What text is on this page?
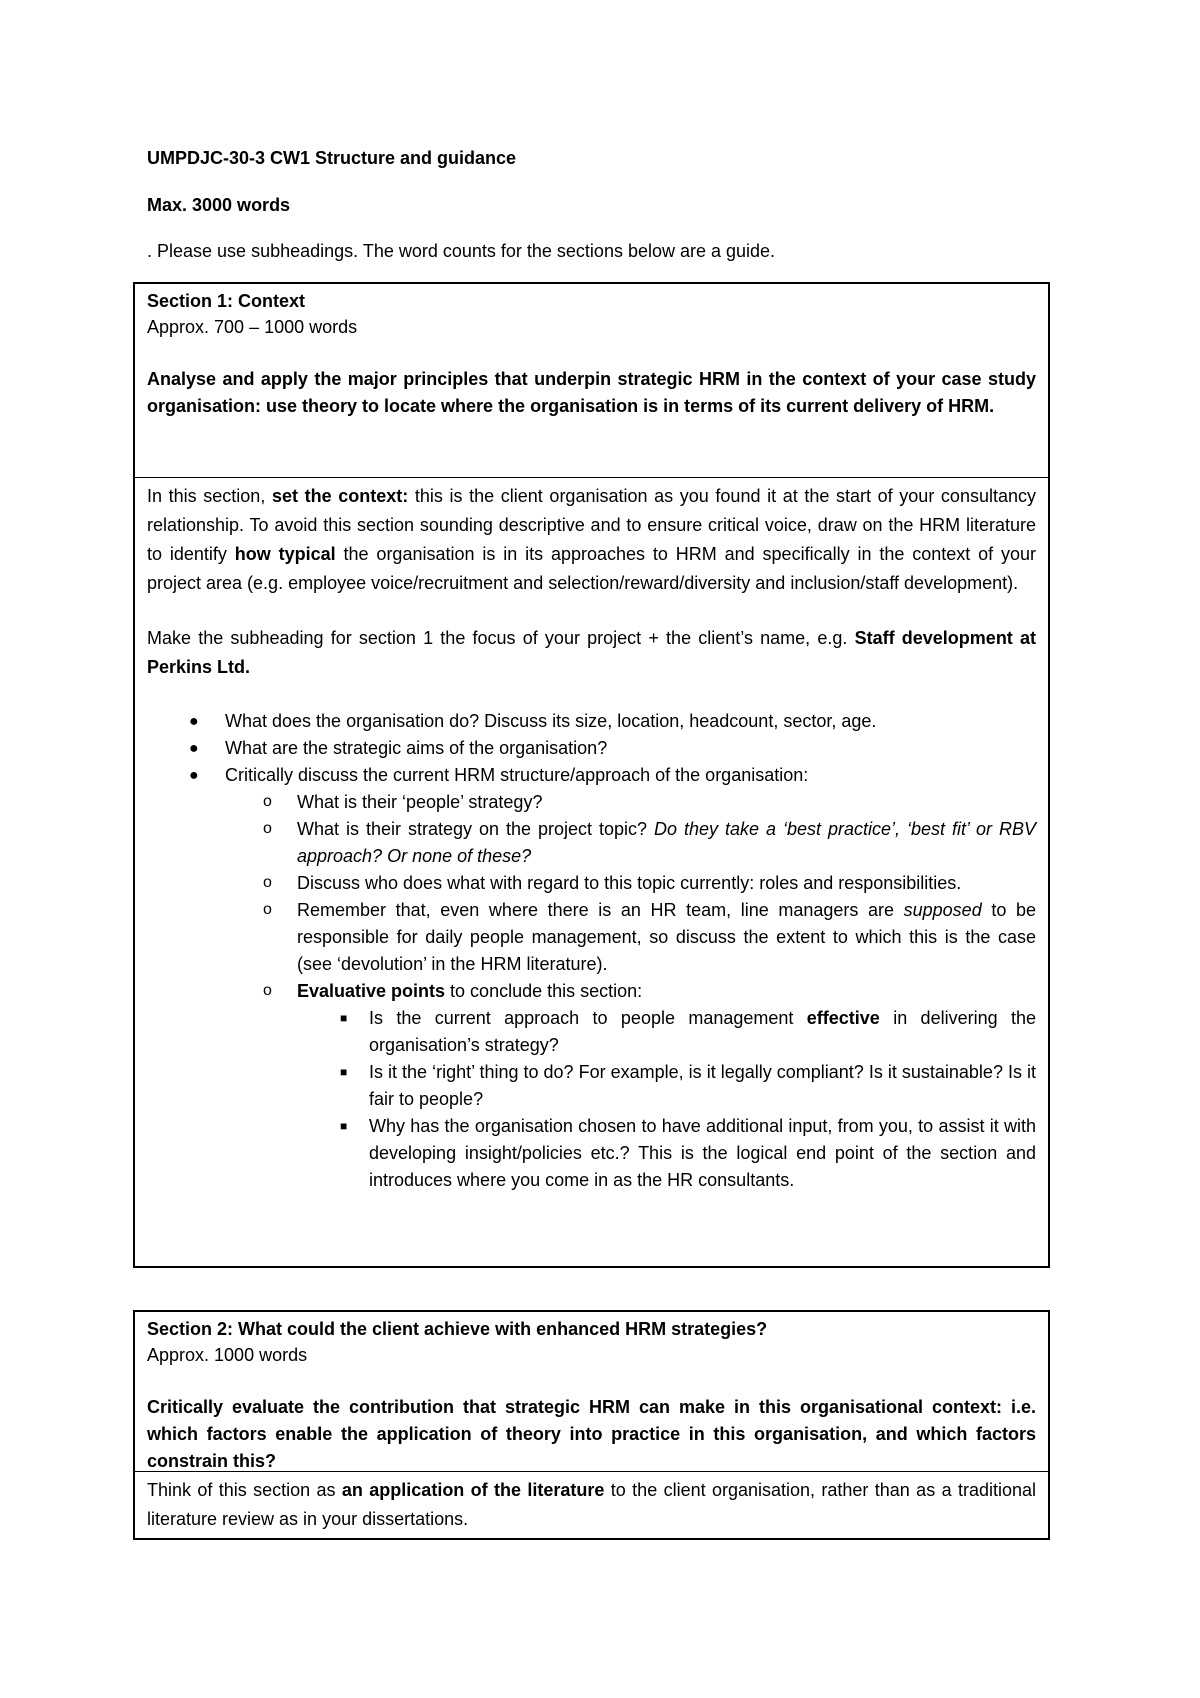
UMPDJC-30-3 CW1 Structure and guidance
Max. 3000 words
. Please use subheadings. The word counts for the sections below are a guide.
Section 1: Context
Approx. 700 – 1000 words
Analyse and apply the major principles that underpin strategic HRM in the context of your case study organisation: use theory to locate where the organisation is in terms of its current delivery of HRM.
In this section, set the context: this is the client organisation as you found it at the start of your consultancy relationship. To avoid this section sounding descriptive and to ensure critical voice, draw on the HRM literature to identify how typical the organisation is in its approaches to HRM and specifically in the context of your project area (e.g. employee voice/recruitment and selection/reward/diversity and inclusion/staff development).
Make the subheading for section 1 the focus of your project + the client’s name, e.g. Staff development at Perkins Ltd.
● What does the organisation do? Discuss its size, location, headcount, sector, age.
● What are the strategic aims of the organisation?
● Critically discuss the current HRM structure/approach of the organisation:
o What is their ‘people’ strategy?
o What is their strategy on the project topic? Do they take a ‘best practice’, ‘best fit’ or RBV approach? Or none of these?
o Discuss who does what with regard to this topic currently: roles and responsibilities.
o Remember that, even where there is an HR team, line managers are supposed to be responsible for daily people management, so discuss the extent to which this is the case (see ‘devolution’ in the HRM literature).
o Evaluative points to conclude this section:
■ Is the current approach to people management effective in delivering the organisation’s strategy?
■ Is it the ‘right’ thing to do? For example, is it legally compliant? Is it sustainable? Is it fair to people?
■ Why has the organisation chosen to have additional input, from you, to assist it with developing insight/policies etc.? This is the logical end point of the section and introduces where you come in as the HR consultants.
Section 2: What could the client achieve with enhanced HRM strategies?
Approx. 1000 words
Critically evaluate the contribution that strategic HRM can make in this organisational context: i.e. which factors enable the application of theory into practice in this organisation, and which factors constrain this?
Think of this section as an application of the literature to the client organisation, rather than as a traditional literature review as in your dissertations.
